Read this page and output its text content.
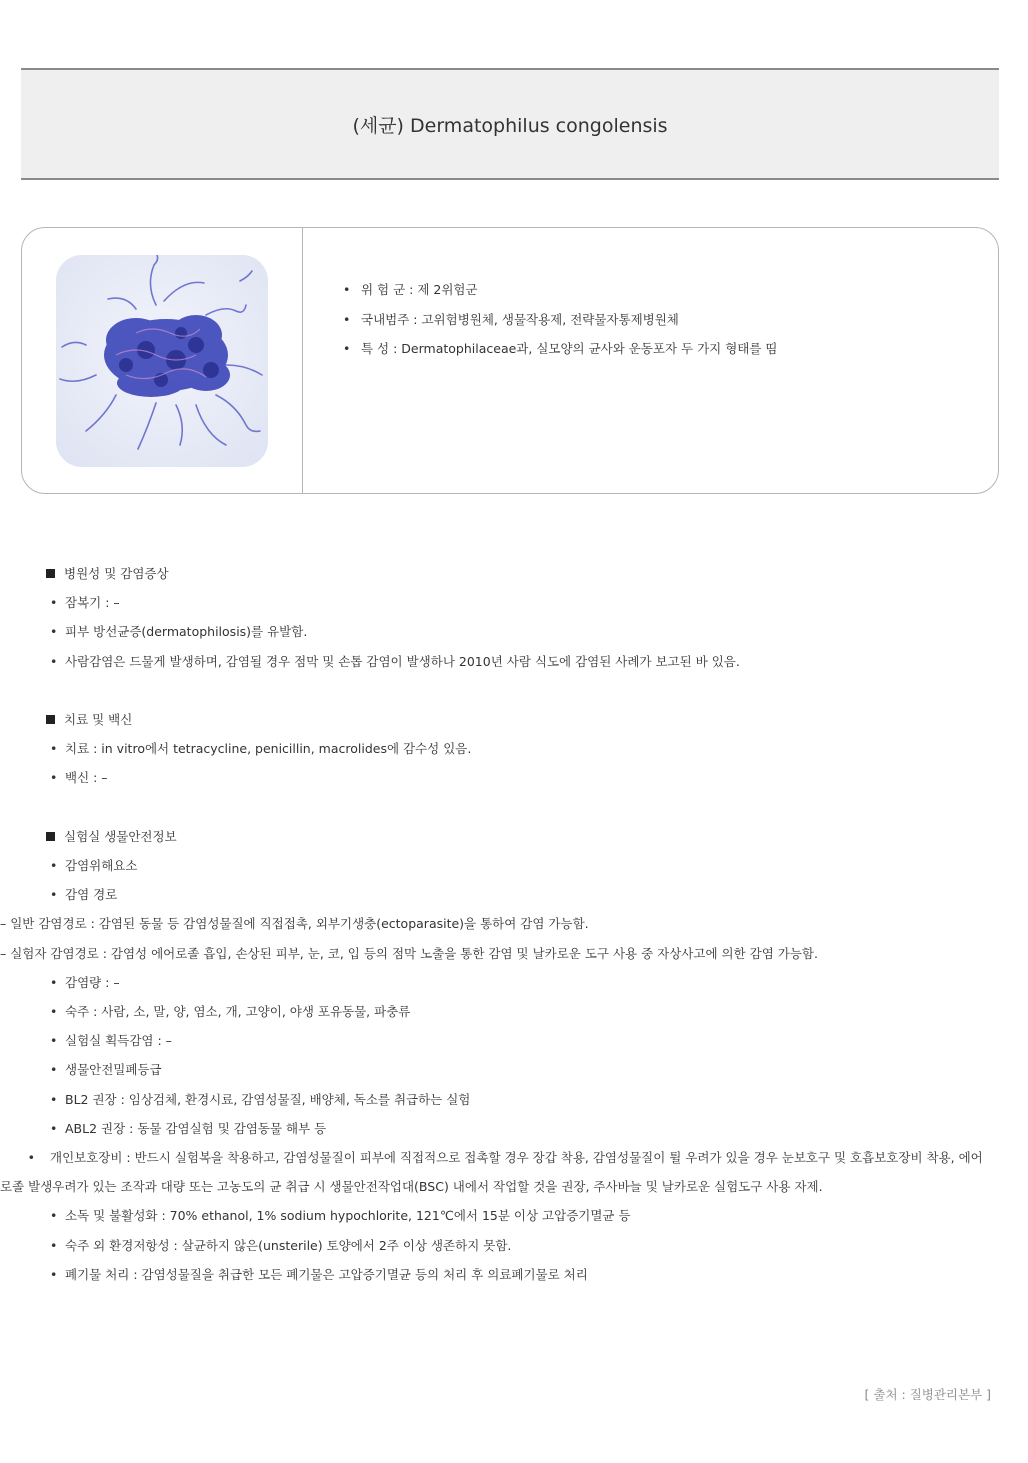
(세균) Dermatophilus congolensis
• 위 험 군 : 제 2위험군
• 국내범주 : 고위험병원체, 생물작용제, 전략물자통제병원체
• 특 성 : Dermatophilaceae과, 실모양의 균사와 운동포자 두 가지 형태를 띰
병원성 및 감염증상
• 잠복기 : –
• 피부 방선균증(dermatophilosis)를 유발함.
• 사람감염은 드물게 발생하며, 감염될 경우 점막 및 손톱 감염이 발생하나 2010년 사람 식도에 감염된 사례가 보고된 바 있음.
치료 및 백신
• 치료 : in vitro에서 tetracycline, penicillin, macrolides에 감수성 있음.
• 백신 : –
실험실 생물안전정보
• 감염위해요소
• 감염 경로
– 일반 감염경로 : 감염된 동물 등 감염성물질에 직접접촉, 외부기생충(ectoparasite)을 통하여 감염 가능함.
– 실험자 감염경로 : 감염성 에어로졸 흡입, 손상된 피부, 눈, 코, 입 등의 점막 노출을 통한 감염 및 날카로운 도구 사용 중 자상사고에 의한 감염 가능함.
• 감염량 : –
• 숙주 : 사람, 소, 말, 양, 염소, 개, 고양이, 야생 포유동물, 파충류
• 실험실 획득감염 : –
• 생물안전밀폐등급
• BL2 권장 : 임상검체, 환경시료, 감염성물질, 배양체, 독소를 취급하는 실험
• ABL2 권장 : 동물 감염실험 및 감염동물 해부 등
• 개인보호장비 : 반드시 실험복을 착용하고, 감염성물질이 피부에 직접적으로 접촉할 경우 장갑 착용, 감염성물질이 튈 우려가 있을 경우 눈보호구 및 호흡보호장비 착용, 에어로졸 발생우려가 있는 조작과 대량 또는 고농도의 균 취급 시 생물안전작업대(BSC) 내에서 작업할 것을 권장, 주사바늘 및 날카로운 실험도구 사용 자제.
• 소독 및 불활성화 : 70% ethanol, 1% sodium hypochlorite, 121℃에서 15분 이상 고압증기멸균 등
• 숙주 외 환경저항성 : 살균하지 않은(unsterile) 토양에서 2주 이상 생존하지 못함.
• 폐기물 처리 : 감염성물질을 취급한 모든 폐기물은 고압증기멸균 등의 처리 후 의료폐기물로 처리
[ 출처 : 질병관리본부 ]
